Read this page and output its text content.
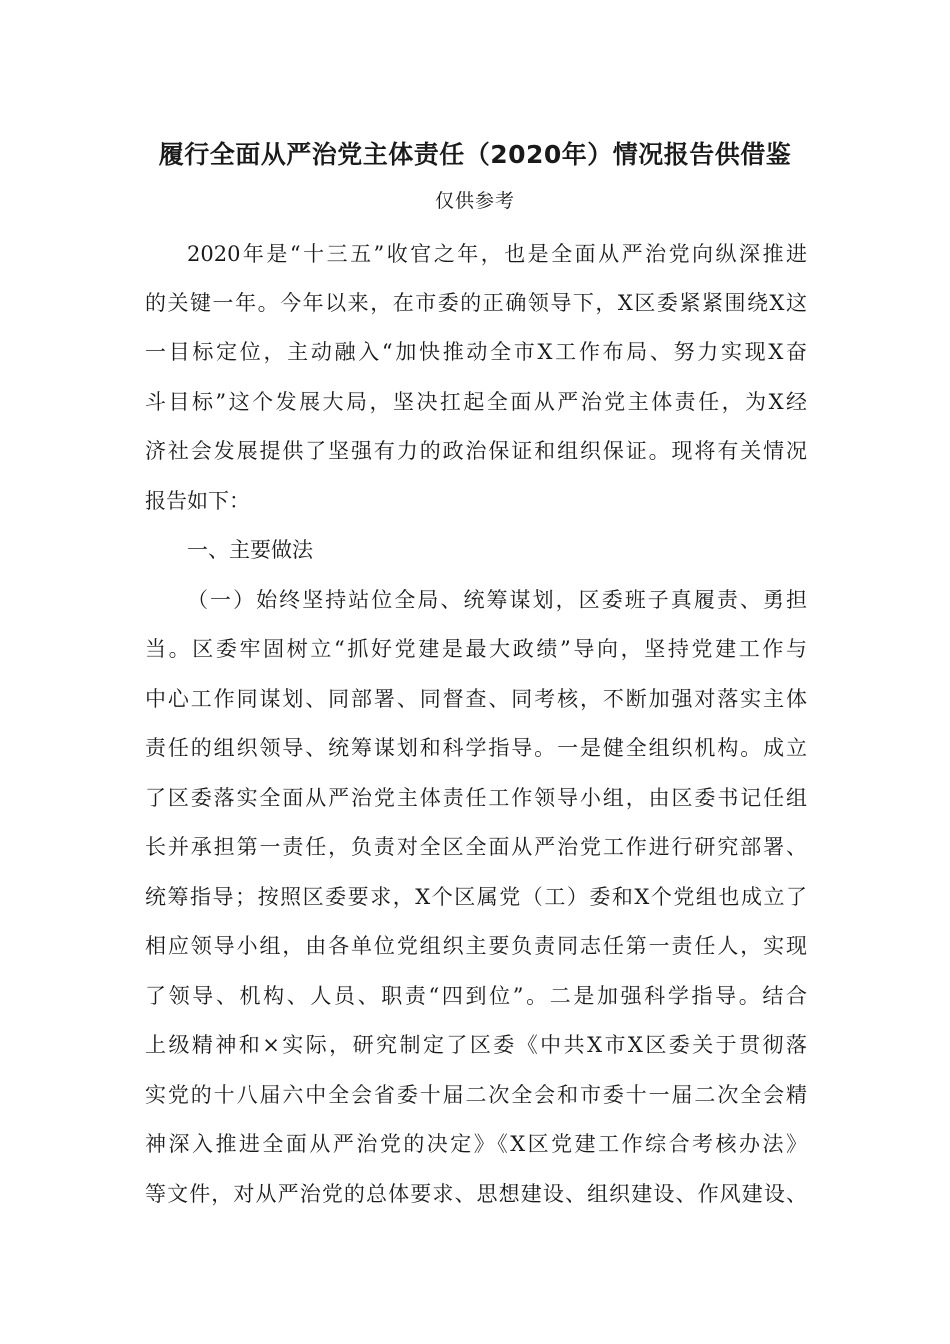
履行全面从严治党主体责任（2020年）情况报告供借鉴
仅供参考
2020年是“十三五”收官之年，也是全面从严治党向纵深推进
的关键一年。今年以来，在市委的正确领导下，X区委紧紧围绕X这
一目标定位，主动融入“加快推动全市X工作布局、努力实现X奋
斗目标”这个发展大局，坚决扛起全面从严治党主体责任，为X经
济社会发展提供了坚强有力的政治保证和组织保证。现将有关情况
报告如下：
一、主要做法
（一）始终坚持站位全局、统筹谋划，区委班子真履责、勇担
当。区委牢固树立“抓好党建是最大政绩”导向，坚持党建工作与
中心工作同谋划、同部署、同督查、同考核，不断加强对落实主体
责任的组织领导、统筹谋划和科学指导。一是健全组织机构。成立
了区委落实全面从严治党主体责任工作领导小组，由区委书记任组
长并承担第一责任，负责对全区全面从严治党工作进行研究部署、
统筹指导；按照区委要求，X个区属党（工）委和X个党组也成立了
相应领导小组，由各单位党组织主要负责同志任第一责任人，实现
了领导、机构、人员、职责“四到位”。二是加强科学指导。结合
上级精神和×实际，研究制定了区委《中共X市X区委关于贯彻落
实党的十八届六中全会省委十届二次全会和市委十一届二次全会精
神深入推进全面从严治党的决定》《X区党建工作综合考核办法》
等文件，对从严治党的总体要求、思想建设、组织建设、作风建设、
